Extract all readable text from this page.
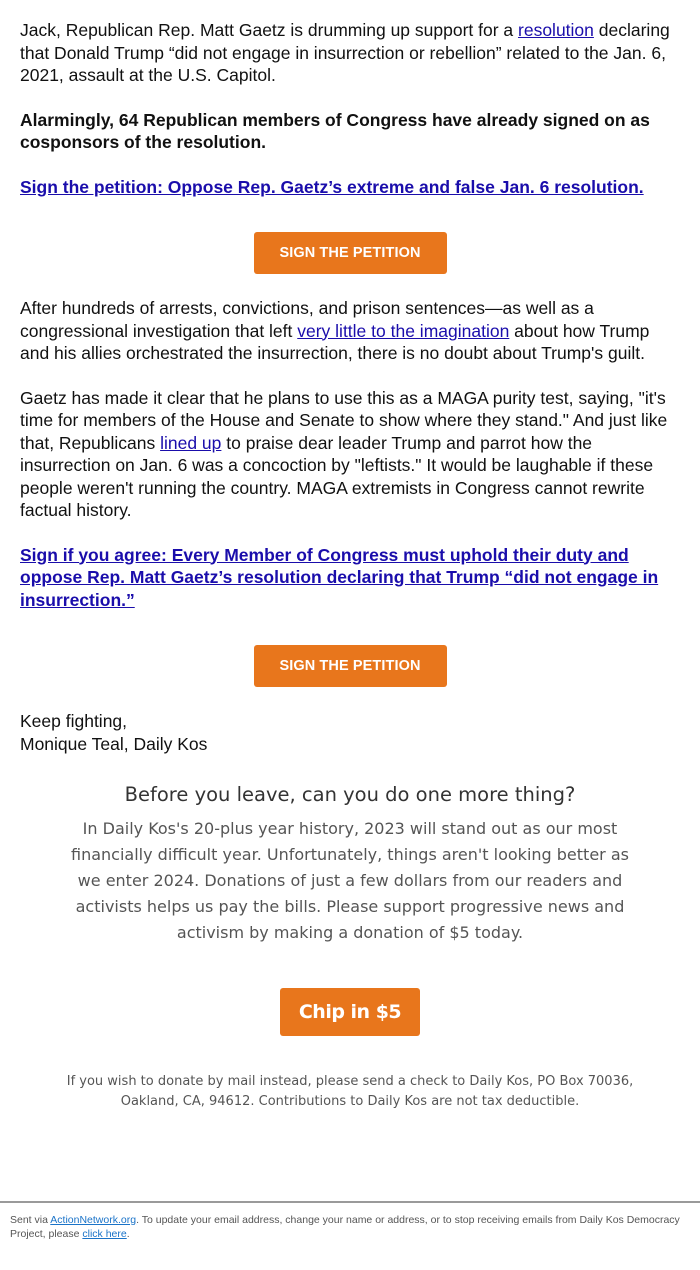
Jack, Republican Rep. Matt Gaetz is drumming up support for a resolution declaring that Donald Trump “did not engage in insurrection or rebellion” related to the Jan. 6, 2021, assault at the U.S. Capitol.

Alarmingly, 64 Republican members of Congress have already signed on as cosponsors of the resolution.

Sign the petition: Oppose Rep. Gaetz’s extreme and false Jan. 6 resolution.
SIGN THE PETITION

After hundreds of arrests, convictions, and prison sentences—as well as a congressional investigation that left very little to the imagination about how Trump and his allies orchestrated the insurrection, there is no doubt about Trump's guilt.

Gaetz has made it clear that he plans to use this as a MAGA purity test, saying, "it's time for members of the House and Senate to show where they stand." And just like that, Republicans lined up to praise dear leader Trump and parrot how the insurrection on Jan. 6 was a concoction by "leftists." It would be laughable if these people weren't running the country. MAGA extremists in Congress cannot rewrite factual history.

Sign if you agree: Every Member of Congress must uphold their duty and oppose Rep. Matt Gaetz’s resolution declaring that Trump “did not engage in insurrection.”
SIGN THE PETITION

Keep fighting,

Monique Teal, Daily Kos

Before you leave, can you do one more thing?
In Daily Kos's 20-plus year history, 2023 will stand out as our most financially difficult year. Unfortunately, things aren't looking better as we enter 2024. Donations of just a few dollars from our readers and activists helps us pay the bills. Please support progressive news and activism by making a donation of $5 today.
Chip in $5
If you wish to donate by mail instead, please send a check to Daily Kos, PO Box 70036, Oakland, CA, 94612. Contributions to Daily Kos are not tax deductible.
Sent via ActionNetwork.org. To update your email address, change your name or address, or to stop receiving emails from Daily Kos Democracy Project, please click here.
